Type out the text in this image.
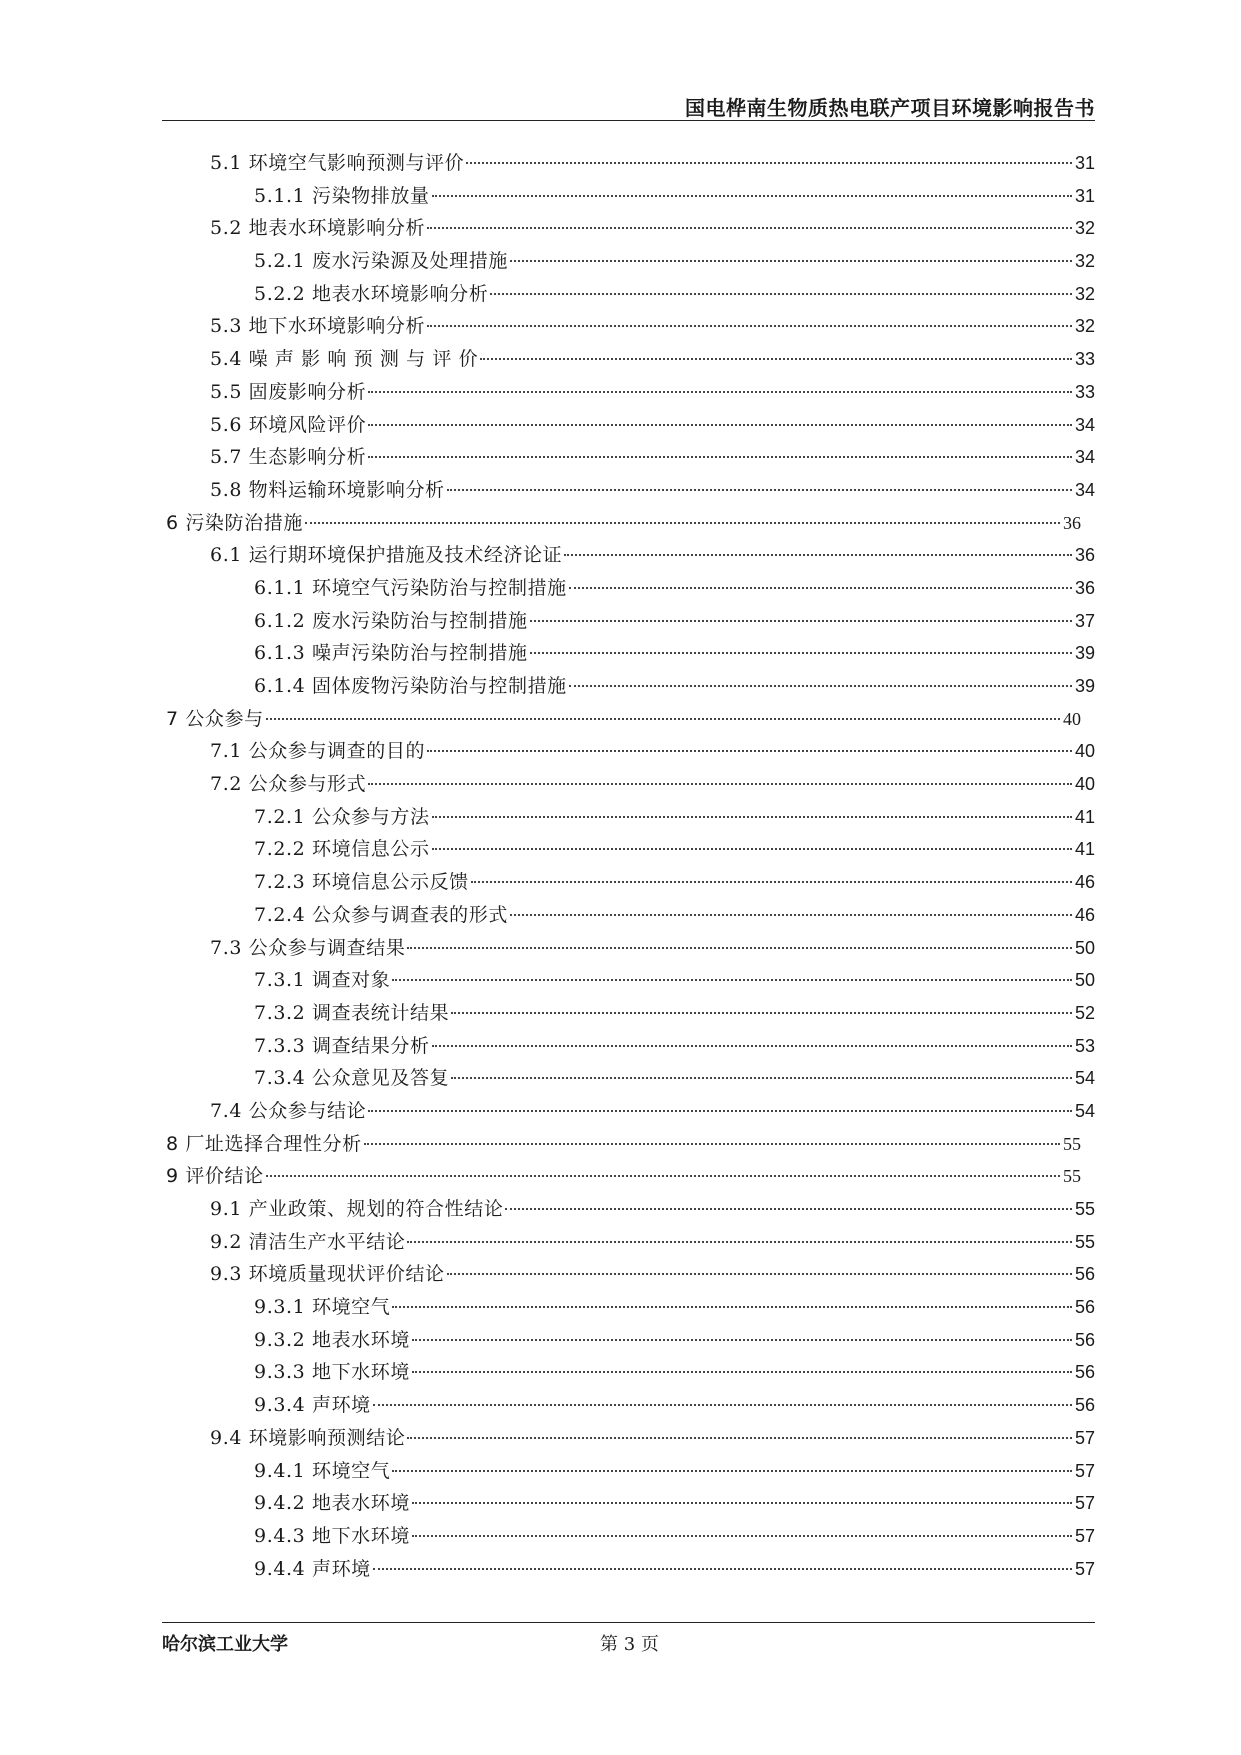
国电桦南生物质热电联产项目环境影响报告书
5.1 环境空气影响预测与评价	31
5.1.1 污染物排放量	31
5.2 地表水环境影响分析	32
5.2.1 废水污染源及处理措施	32
5.2.2 地表水环境影响分析	32
5.3 地下水环境影响分析	32
5.4 噪 声 影 响 预 测 与 评 价	33
5.5 固废影响分析	33
5.6 环境风险评价	34
5.7 生态影响分析	34
5.8 物料运输环境影响分析	34
6 污染防治措施	36
6.1 运行期环境保护措施及技术经济论证	36
6.1.1 环境空气污染防治与控制措施	36
6.1.2 废水污染防治与控制措施	37
6.1.3 噪声污染防治与控制措施	39
6.1.4 固体废物污染防治与控制措施	39
7 公众参与	40
7.1 公众参与调查的目的	40
7.2 公众参与形式	40
7.2.1 公众参与方法	41
7.2.2 环境信息公示	41
7.2.3 环境信息公示反馈	46
7.2.4 公众参与调查表的形式	46
7.3 公众参与调查结果	50
7.3.1 调查对象	50
7.3.2 调查表统计结果	52
7.3.3 调查结果分析	53
7.3.4 公众意见及答复	54
7.4 公众参与结论	54
8 厂址选择合理性分析	55
9 评价结论	55
9.1 产业政策、规划的符合性结论	55
9.2 清洁生产水平结论	55
9.3 环境质量现状评价结论	56
9.3.1 环境空气	56
9.3.2 地表水环境	56
9.3.3 地下水环境	56
9.3.4 声环境	56
9.4 环境影响预测结论	57
9.4.1 环境空气	57
9.4.2 地表水环境	57
9.4.3 地下水环境	57
9.4.4 声环境	57
哈尔滨工业大学	第 3 页
